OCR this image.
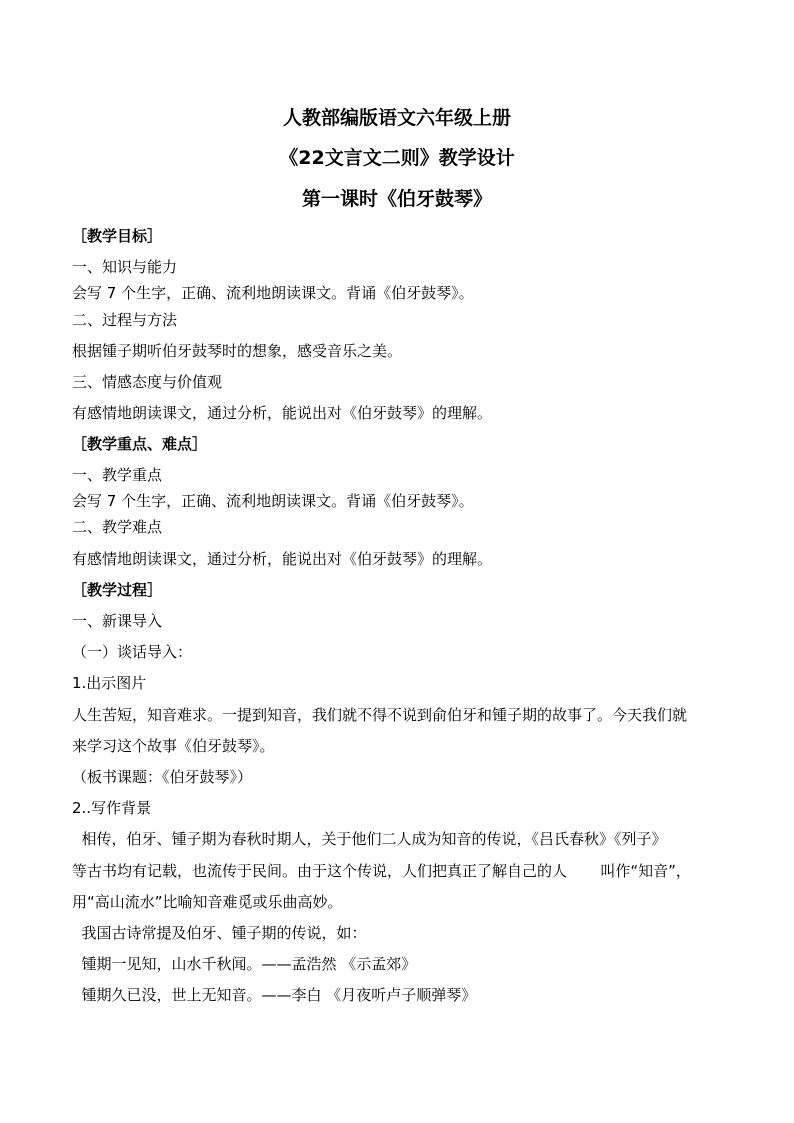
人教部编版语文六年级上册
《22文言文二则》教学设计
第一课时《伯牙鼓琴》
［教学目标］
一、知识与能力
会写 7 个生字，正确、流利地朗读课文。背诵《伯牙鼓琴》。
二、过程与方法
根据锺子期听伯牙鼓琴时的想象，感受音乐之美。
三、情感态度与价值观
有感情地朗读课文，通过分析，能说出对《伯牙鼓琴》的理解。
［教学重点、难点］
一、教学重点
会写 7 个生字，正确、流利地朗读课文。背诵《伯牙鼓琴》。
二、教学难点
有感情地朗读课文，通过分析，能说出对《伯牙鼓琴》的理解。
［教学过程］
一、新课导入
（一）谈话导入：
1.出示图片
人生苦短，知音难求。一提到知音，我们就不得不说到俞伯牙和锺子期的故事了。今天我们就
来学习这个故事《伯牙鼓琴》。
（板书课题：《伯牙鼓琴》）
2..写作背景
相传，伯牙、锺子期为春秋时期人，关于他们二人成为知音的传说，《吕氏春秋》《列子》
等古书均有记载，也流传于民间。由于这个传说，人们把真正了解自己的人       叫作“知音”，
用“高山流水”比喻知音难觅或乐曲高妙。
我国古诗常提及伯牙、锺子期的传说，如：
锺期一见知，山水千秋闻。——孟浩然 《示孟郊》
锺期久已没，世上无知音。——李白 《月夜听卢子顺弹琴》
